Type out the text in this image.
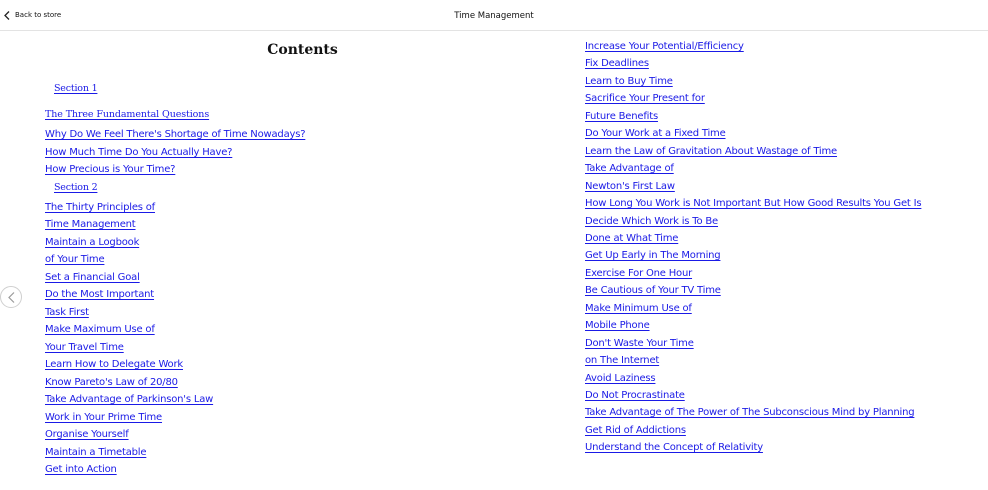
Back to store	Time Management
Contents
Section 1
The Three Fundamental Questions
Why Do We Feel There's Shortage of Time Nowadays?
How Much Time Do You Actually Have?
How Precious is Your Time?
Section 2
The Thirty Principles of
Time Management
Maintain a Logbook
of Your Time
Set a Financial Goal
Do the Most Important
Task First
Make Maximum Use of
Your Travel Time
Learn How to Delegate Work
Know Pareto's Law of 20/80
Take Advantage of Parkinson's Law
Work in Your Prime Time
Organise Yourself
Maintain a Timetable
Get into Action
Increase Your Potential/Efficiency
Fix Deadlines
Learn to Buy Time
Sacrifice Your Present for
Future Benefits
Do Your Work at a Fixed Time
Learn the Law of Gravitation About Wastage of Time
Take Advantage of
Newton's First Law
How Long You Work is Not Important But How Good Results You Get Is
Decide Which Work is To Be
Done at What Time
Get Up Early in The Morning
Exercise For One Hour
Be Cautious of Your TV Time
Make Minimum Use of
Mobile Phone
Don't Waste Your Time
on The Internet
Avoid Laziness
Do Not Procrastinate
Take Advantage of The Power of The Subconscious Mind by Planning
Get Rid of Addictions
Understand the Concept of Relativity
